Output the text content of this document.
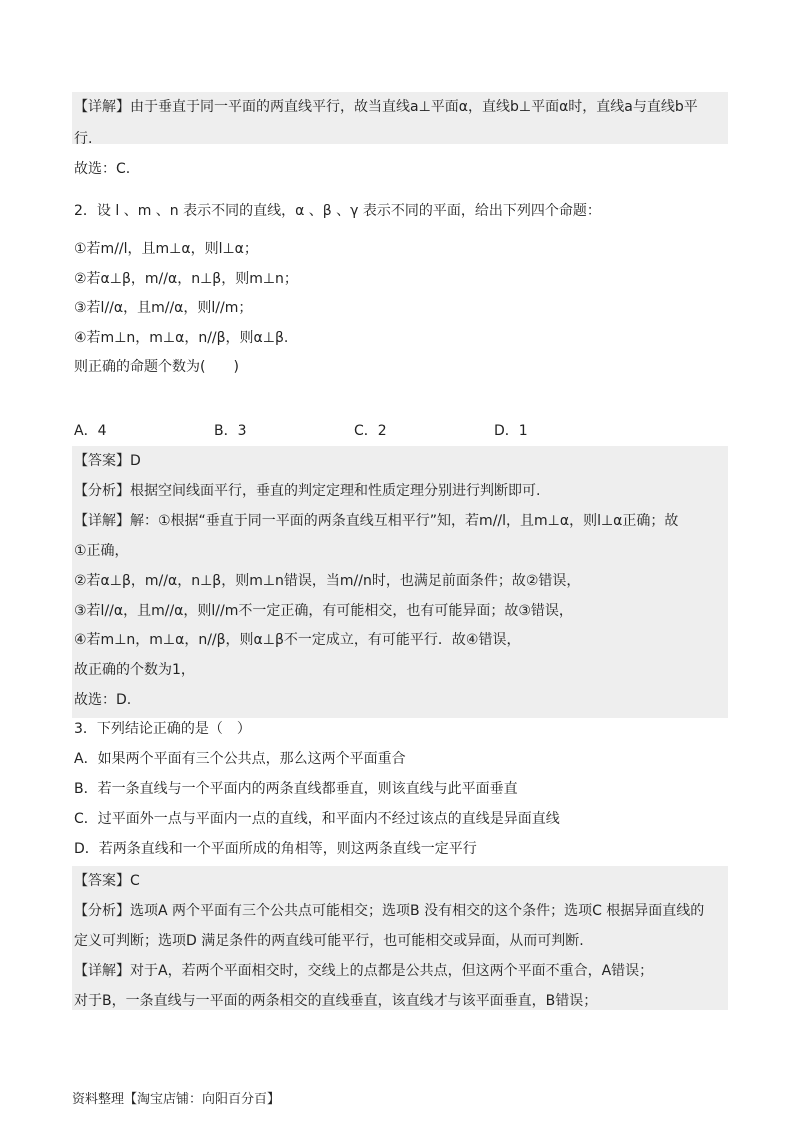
【详解】由于垂直于同一平面的两直线平行，故当直线a⊥平面α，直线b⊥平面α时，直线a与直线b平
行.
故选：C.
2．设 l 、m 、n 表示不同的直线，α 、β 、γ 表示不同的平面，给出下列四个命题：
①若m//l，且m⊥α，则l⊥α；
②若α⊥β，m//α，n⊥β，则m⊥n；
③若l//α，且m//α，则l//m；
④若m⊥n，m⊥α，n//β，则α⊥β.
则正确的命题个数为(　　)
A．4	B．3	C．2	D．1
【答案】D
【分析】根据空间线面平行，垂直的判定定理和性质定理分别进行判断即可.
【详解】解：①根据“垂直于同一平面的两条直线互相平行”知，若m//l，且m⊥α，则l⊥α正确；故
①正确，
②若α⊥β，m//α，n⊥β，则m⊥n错误，当m//n时，也满足前面条件；故②错误，
③若l//α，且m//α，则l//m不一定正确，有可能相交，也有可能异面；故③错误，
④若m⊥n，m⊥α，n//β，则α⊥β不一定成立，有可能平行．故④错误，
故正确的个数为1，
故选：D.
3．下列结论正确的是（　）
A．如果两个平面有三个公共点，那么这两个平面重合
B．若一条直线与一个平面内的两条直线都垂直，则该直线与此平面垂直
C．过平面外一点与平面内一点的直线，和平面内不经过该点的直线是异面直线
D．若两条直线和一个平面所成的角相等，则这两条直线一定平行
【答案】C
【分析】选项A 两个平面有三个公共点可能相交；选项B 没有相交的这个条件；选项C 根据异面直线的
定义可判断；选项D 满足条件的两直线可能平行，也可能相交或异面，从而可判断.
【详解】对于A，若两个平面相交时，交线上的点都是公共点，但这两个平面不重合，A错误；
对于B，一条直线与一平面的两条相交的直线垂直，该直线才与该平面垂直，B错误；
资料整理【淘宝店铺：向阳百分百】
